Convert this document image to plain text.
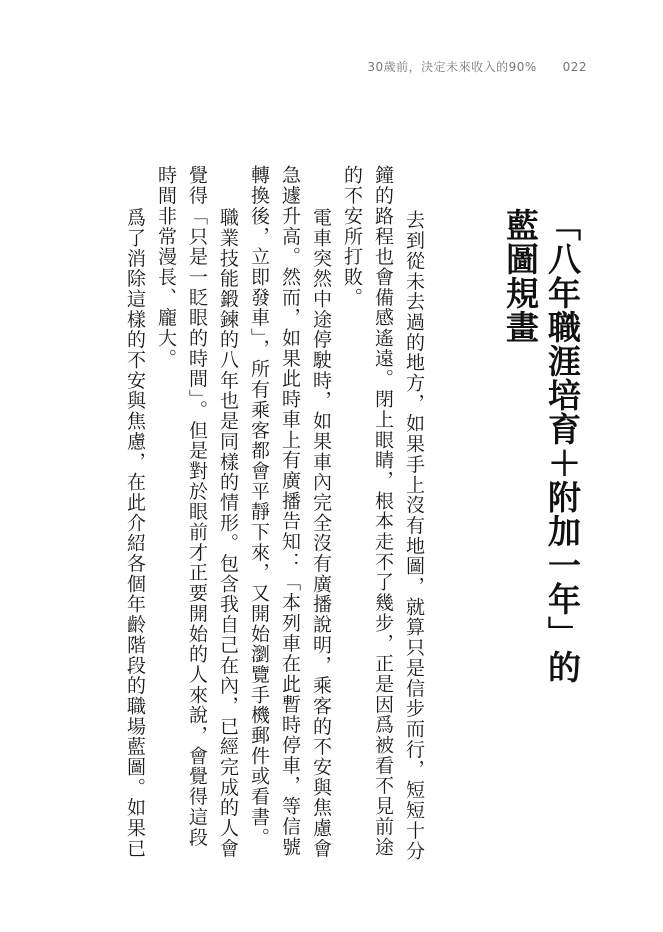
30歲前，決定未來收入的90% 022
「八年職涯培育＋附加一年」的
藍圖規畫
去到從未去過的地方，如果手上沒有地圖，就算只是信步而行，短短十分
鐘的路程也會備感遙遠。閉上眼睛，根本走不了幾步，正是因爲被看不見前途
的不安所打敗。
　電車突然中途停駛時，如果車內完全沒有廣播說明，乘客的不安與焦慮會
急遽升高。然而，如果此時車上有廣播告知：「本列車在此暫時停車，等信號
轉換後，立即發車」，所有乘客都會平靜下來，又開始瀏覽手機郵件或看書。
　職業技能鍛鍊的八年也是同樣的情形。包含我自己在內，已經完成的人會
覺得「只是一眨眼的時間」。但是對於眼前才正要開始的人來說，會覺得這段
時間非常漫長、龐大。
　爲了消除這樣的不安與焦慮，在此介紹各個年齡階段的職場藍圖。如果已
